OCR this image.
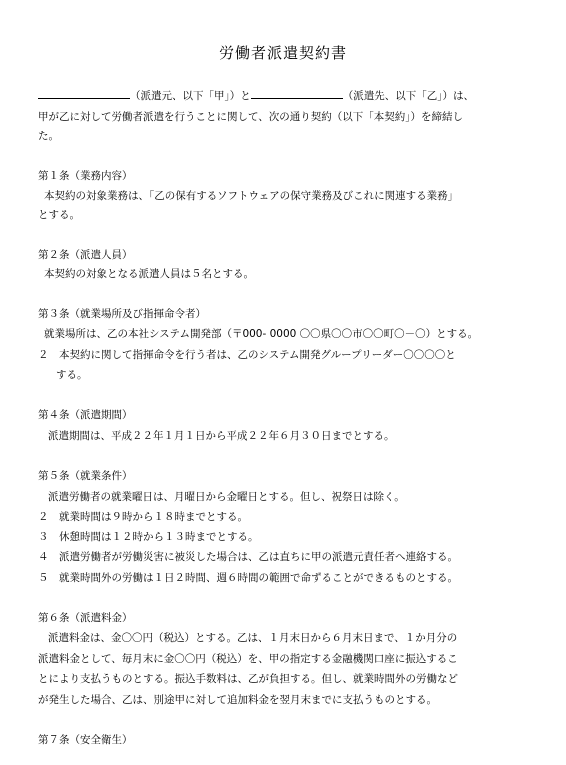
労働者派遣契約書
（派遣元、以下「甲」）と	（派遣先、以下「乙」）は、
甲が乙に対して労働者派遣を行うことに関して、次の通り契約（以下「本契約」）を締結し
た。
第１条（業務内容）
本契約の対象業務は、「乙の保有するソフトウェアの保守業務及びこれに関連する業務」
とする。
第２条（派遣人員）
本契約の対象となる派遣人員は５名とする。
第３条（就業場所及び指揮命令者）
就業場所は、乙の本社システム開発部（〒000- 0000 〇〇県〇〇市〇〇町〇－〇）とする。
２　本契約に関して指揮命令を行う者は、乙のシステム開発グループリーダー〇〇〇〇と
する。
第４条（派遣期間）
派遣期間は、平成２２年１月１日から平成２２年６月３０日までとする。
第５条（就業条件）
派遣労働者の就業曜日は、月曜日から金曜日とする。但し、祝祭日は除く。
２　就業時間は９時から１８時までとする。
３　休憩時間は１２時から１３時までとする。
４　派遣労働者が労働災害に被災した場合は、乙は直ちに甲の派遣元責任者へ連絡する。
５　就業時間外の労働は１日２時間、週６時間の範囲で命ずることができるものとする。
第６条（派遣料金）
派遣料金は、金〇〇円（税込）とする。乙は、１月末日から６月末日まで、１か月分の
派遣料金として、毎月末に金〇〇円（税込）を、甲の指定する金融機関口座に振込するこ
とにより支払うものとする。振込手数料は、乙が負担する。但し、就業時間外の労働など
が発生した場合、乙は、別途甲に対して追加料金を翌月末までに支払うものとする。
第７条（安全衛生）
